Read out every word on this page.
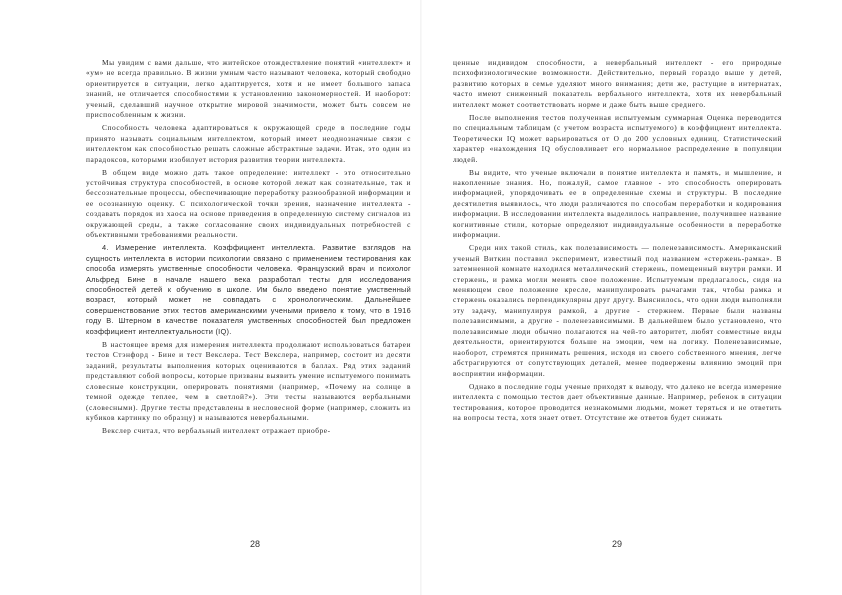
Мы увидим с вами дальше, что житейское отождествление понятий «интеллект» и «ум» не всегда правильно. В жизни умным часто называют человека, который свободно ориентируется в ситуации, легко адаптируется, хотя и не имеет большого запаса знаний, не отличается способностями к установлению закономерностей. И наоборот: ученый, сделавший научное открытие мировой значимости, может быть совсем не приспособленным к жизни.

Способность человека адаптироваться к окружающей среде в последние годы принято называть социальным интеллектом, который имеет неоднозначные связи с интеллектом как способностью решать сложные абстрактные задачи. Итак, это один из парадоксов, которыми изобилует история развития теории интеллекта.

В общем виде можно дать такое определение: интеллект - это относительно устойчивая структура способностей, в основе которой лежат как сознательные, так и бессознательные процессы, обеспечивающие переработку разнообразной информации и ее осознанную оценку. С психологической точки зрения, назначение интеллекта - создавать порядок из хаоса на основе приведения в определенную систему сигналов из окружающей среды, а также согласование своих индивидуальных потребностей с объективными требованиями реальности.

4. Измерение интеллекта. Коэффициент интеллекта. Развитие взглядов на сущность интеллекта в истории психологии связано с применением тестирования как способа измерять умственные способности человека. Французский врач и психолог Альфред Бине в начале нашего века разработал тесты для исследования способностей детей к обучению в школе. Им было введено понятие умственный возраст, который может не совпадать с хронологическим. Дальнейшее совершенствование этих тестов американскими учеными привело к тому, что в 1916 году В. Штерном в качестве показателя умственных способностей был предложен коэффициент интеллектуальности (IQ).

В настоящее время для измерения интеллекта продолжают использоваться батареи тестов Стэнфорд - Бине и тест Векслера. Тест Векслера, например, состоит из десяти заданий, результаты выполнения которых оцениваются в баллах. Ряд этих заданий представляют собой вопросы, которые призваны выявить умение испытуемого понимать словесные конструкции, оперировать понятиями (например, «Почему на солнце в темной одежде теплее, чем в светлой?»). Эти тесты называются вербальными (словесными). Другие тесты представлены в несловесной форме (например, сложить из кубиков картинку по образцу) и называются невербальными.

Векслер считал, что вербальный интеллект отражает приобре-

28

ценные индивидом способности, а невербальный интеллект - его природные психофизиологические возможности. Действительно, первый гораздо выше у детей, развитию которых в семье уделяют много внимания; дети же, растущие в интернатах, часто имеют сниженный показатель вербального интеллекта, хотя их невербальный интеллект может соответствовать норме и даже быть выше среднего.

После выполнения тестов полученная испытуемым суммарная Оценка переводится по специальным таблицам (с учетом возраста испытуемого) в коэффициент интеллекта. Теоретически IQ может варьироваться от О до 200 условных единиц. Статистический характер «нахождения IQ обусловливает его нормальное распределение в популяции людей.

Вы видите, что ученые включали в понятие интеллекта и память, и мышление, и накопленные знания. Но, пожалуй, самое главное - это способность оперировать информацией, упорядочивать ее в определенные схемы и структуры. В последние десятилетия выявилось, что люди различаются по способам переработки и кодирования информации. В исследовании интеллекта выделилось направление, получившее название когнитивные стили, которые определяют индивидуальные особенности в переработке информации.

Среди них такой стиль, как полезависимость — поленезависимость. Американский ученый Виткин поставил эксперимент, известный под названием «стержень-рамка». В затемненной комнате находился металлический стержень, помещенный внутри рамки. И стержень, и рамка могли менять свое положение. Испытуемым предлагалось, сидя на меняющем свое положение кресле, манипулировать рычагами так, чтобы рамка и стержень оказались перпендикулярны друг другу. Выяснилось, что одни люди выполняли эту задачу, манипулируя рамкой, а другие - стержнем. Первые были названы полезависимыми, а другие - поленезависимыми. В дальнейшем было установлено, что полезависимые люди обычно полагаются на чей-то авторитет, любят совместные виды деятельности, ориентируются больше на эмоции, чем на логику. Поленезависимые, наоборот, стремятся принимать решения, исходя из своего собственного мнения, легче абстрагируются от сопутствующих деталей, менее подвержены влиянию эмоций при восприятии информации.

Однако в последние годы ученые приходят к выводу, что далеко не всегда измерение интеллекта с помощью тестов дает объективные данные. Например, ребенок в ситуации тестирования, которое проводится незнакомыми людьми, может теряться и не ответить на вопросы теста, хотя знает ответ. Отсутствие же ответов будет снижать

29
